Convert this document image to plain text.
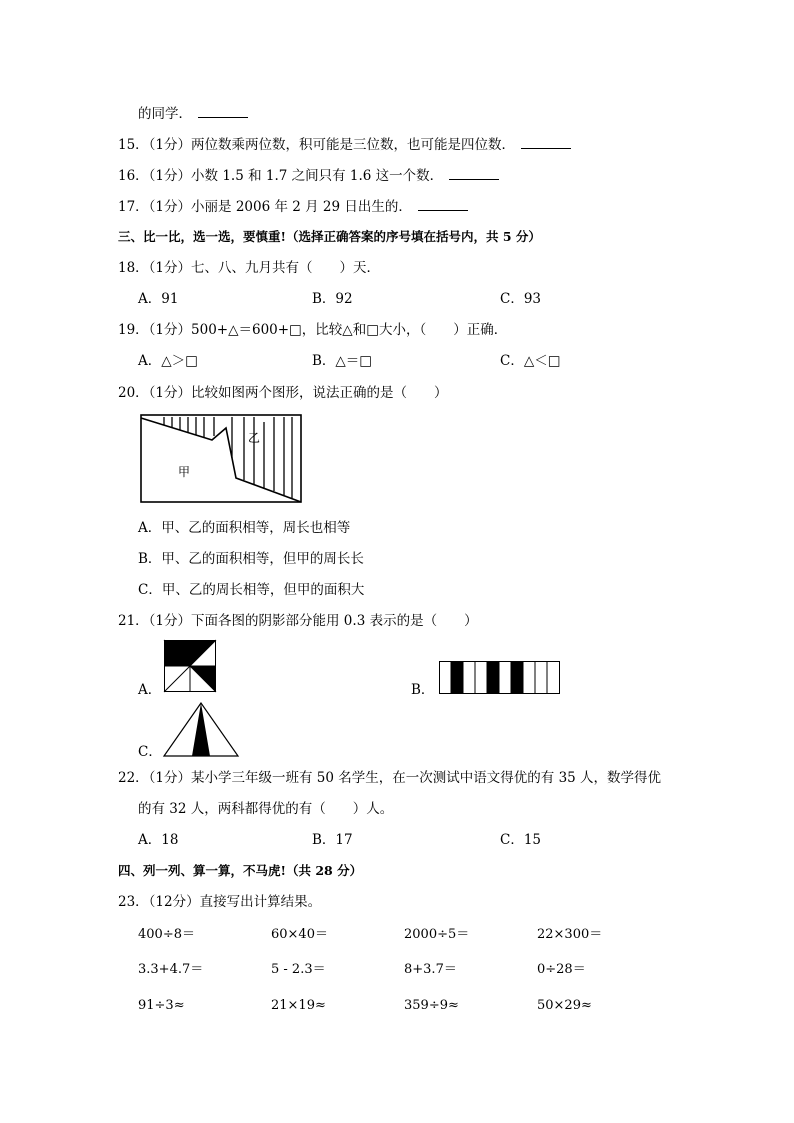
的同学．
15．（1分）两位数乘两位数，积可能是三位数，也可能是四位数．
16．（1分）小数 1.5 和 1.7 之间只有 1.6 这一个数．
17．（1分）小丽是 2006 年 2 月 29 日出生的．
三、比一比，选一选，要慎重!（选择正确答案的序号填在括号内，共 5 分）
18．（1分）七、八、九月共有（　　）天．
A．91	B．92	C．93
19．（1分）500+△＝600+□，比较△和□大小，（　　）正确．
A．△＞□	B．△＝□	C．△＜□
20．（1分）比较如图两个图形，说法正确的是（　　）
乙
甲
A．甲、乙的面积相等，周长也相等
B．甲、乙的面积相等，但甲的周长长
C．甲、乙的周长相等，但甲的面积大
21．（1分）下面各图的阴影部分能用 0.3 表示的是（　　）
A．	B．
C．
22．（1分）某小学三年级一班有 50 名学生，在一次测试中语文得优的有 35 人，数学得优
的有 32 人，两科都得优的有（　　）人。
A．18	B．17	C．15
四、列一列、算一算，不马虎!（共 28 分）
23．（12分）直接写出计算结果。
400÷8＝	60×40＝	2000÷5＝	22×300＝
3.3+4.7＝	5 - 2.3＝	8+3.7＝	0÷28＝
91÷3≈	21×19≈	359÷9≈	50×29≈
